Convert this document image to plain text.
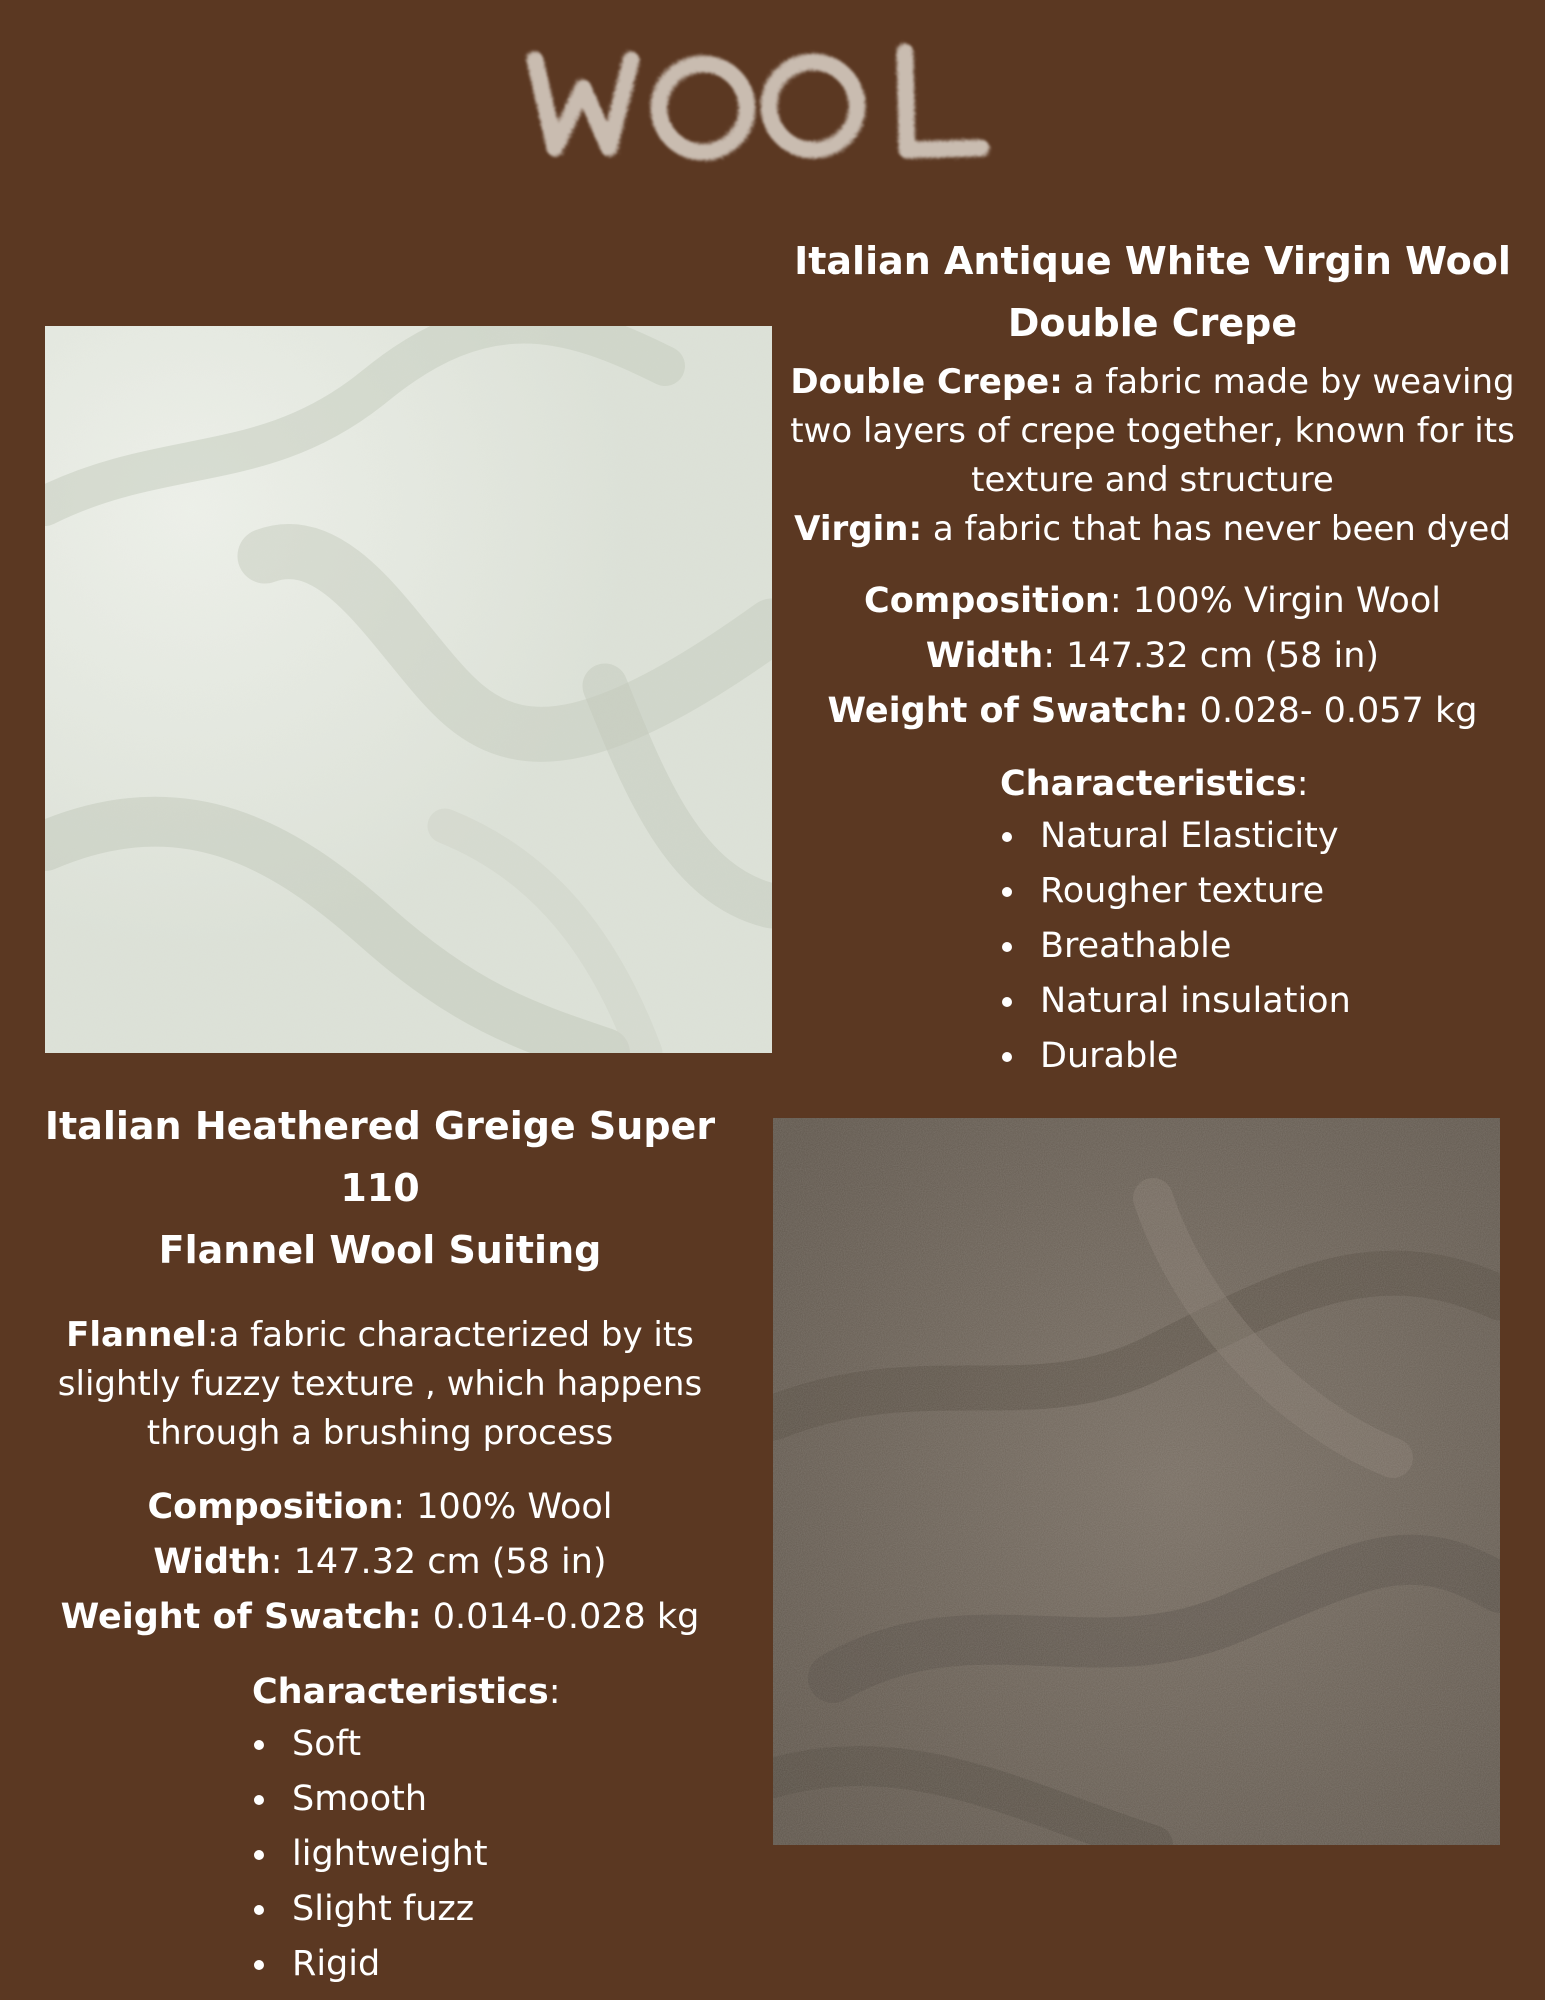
Italian Antique White Virgin Wool
Double Crepe

Double Crepe: a fabric made by weaving
two layers of crepe together, known for its
texture and structure
Virgin: a fabric that has never been dyed

Composition: 100% Virgin Wool

Width: 147.32 cm (58 in)

Weight of Swatch: 0.028- 0.057 kg

Characteristics:

Natural Elasticity
Rougher texture
Breathable
Natural insulation
Durable
Italian Heathered Greige Super 110
Flannel Wool Suiting

Flannel:a fabric characterized by its
slightly fuzzy texture , which happens
through a brushing process

Composition: 100% Wool

Width: 147.32 cm (58 in)

Weight of Swatch: 0.014-0.028 kg

Characteristics:

Soft
Smooth
lightweight
Slight fuzz
Rigid
